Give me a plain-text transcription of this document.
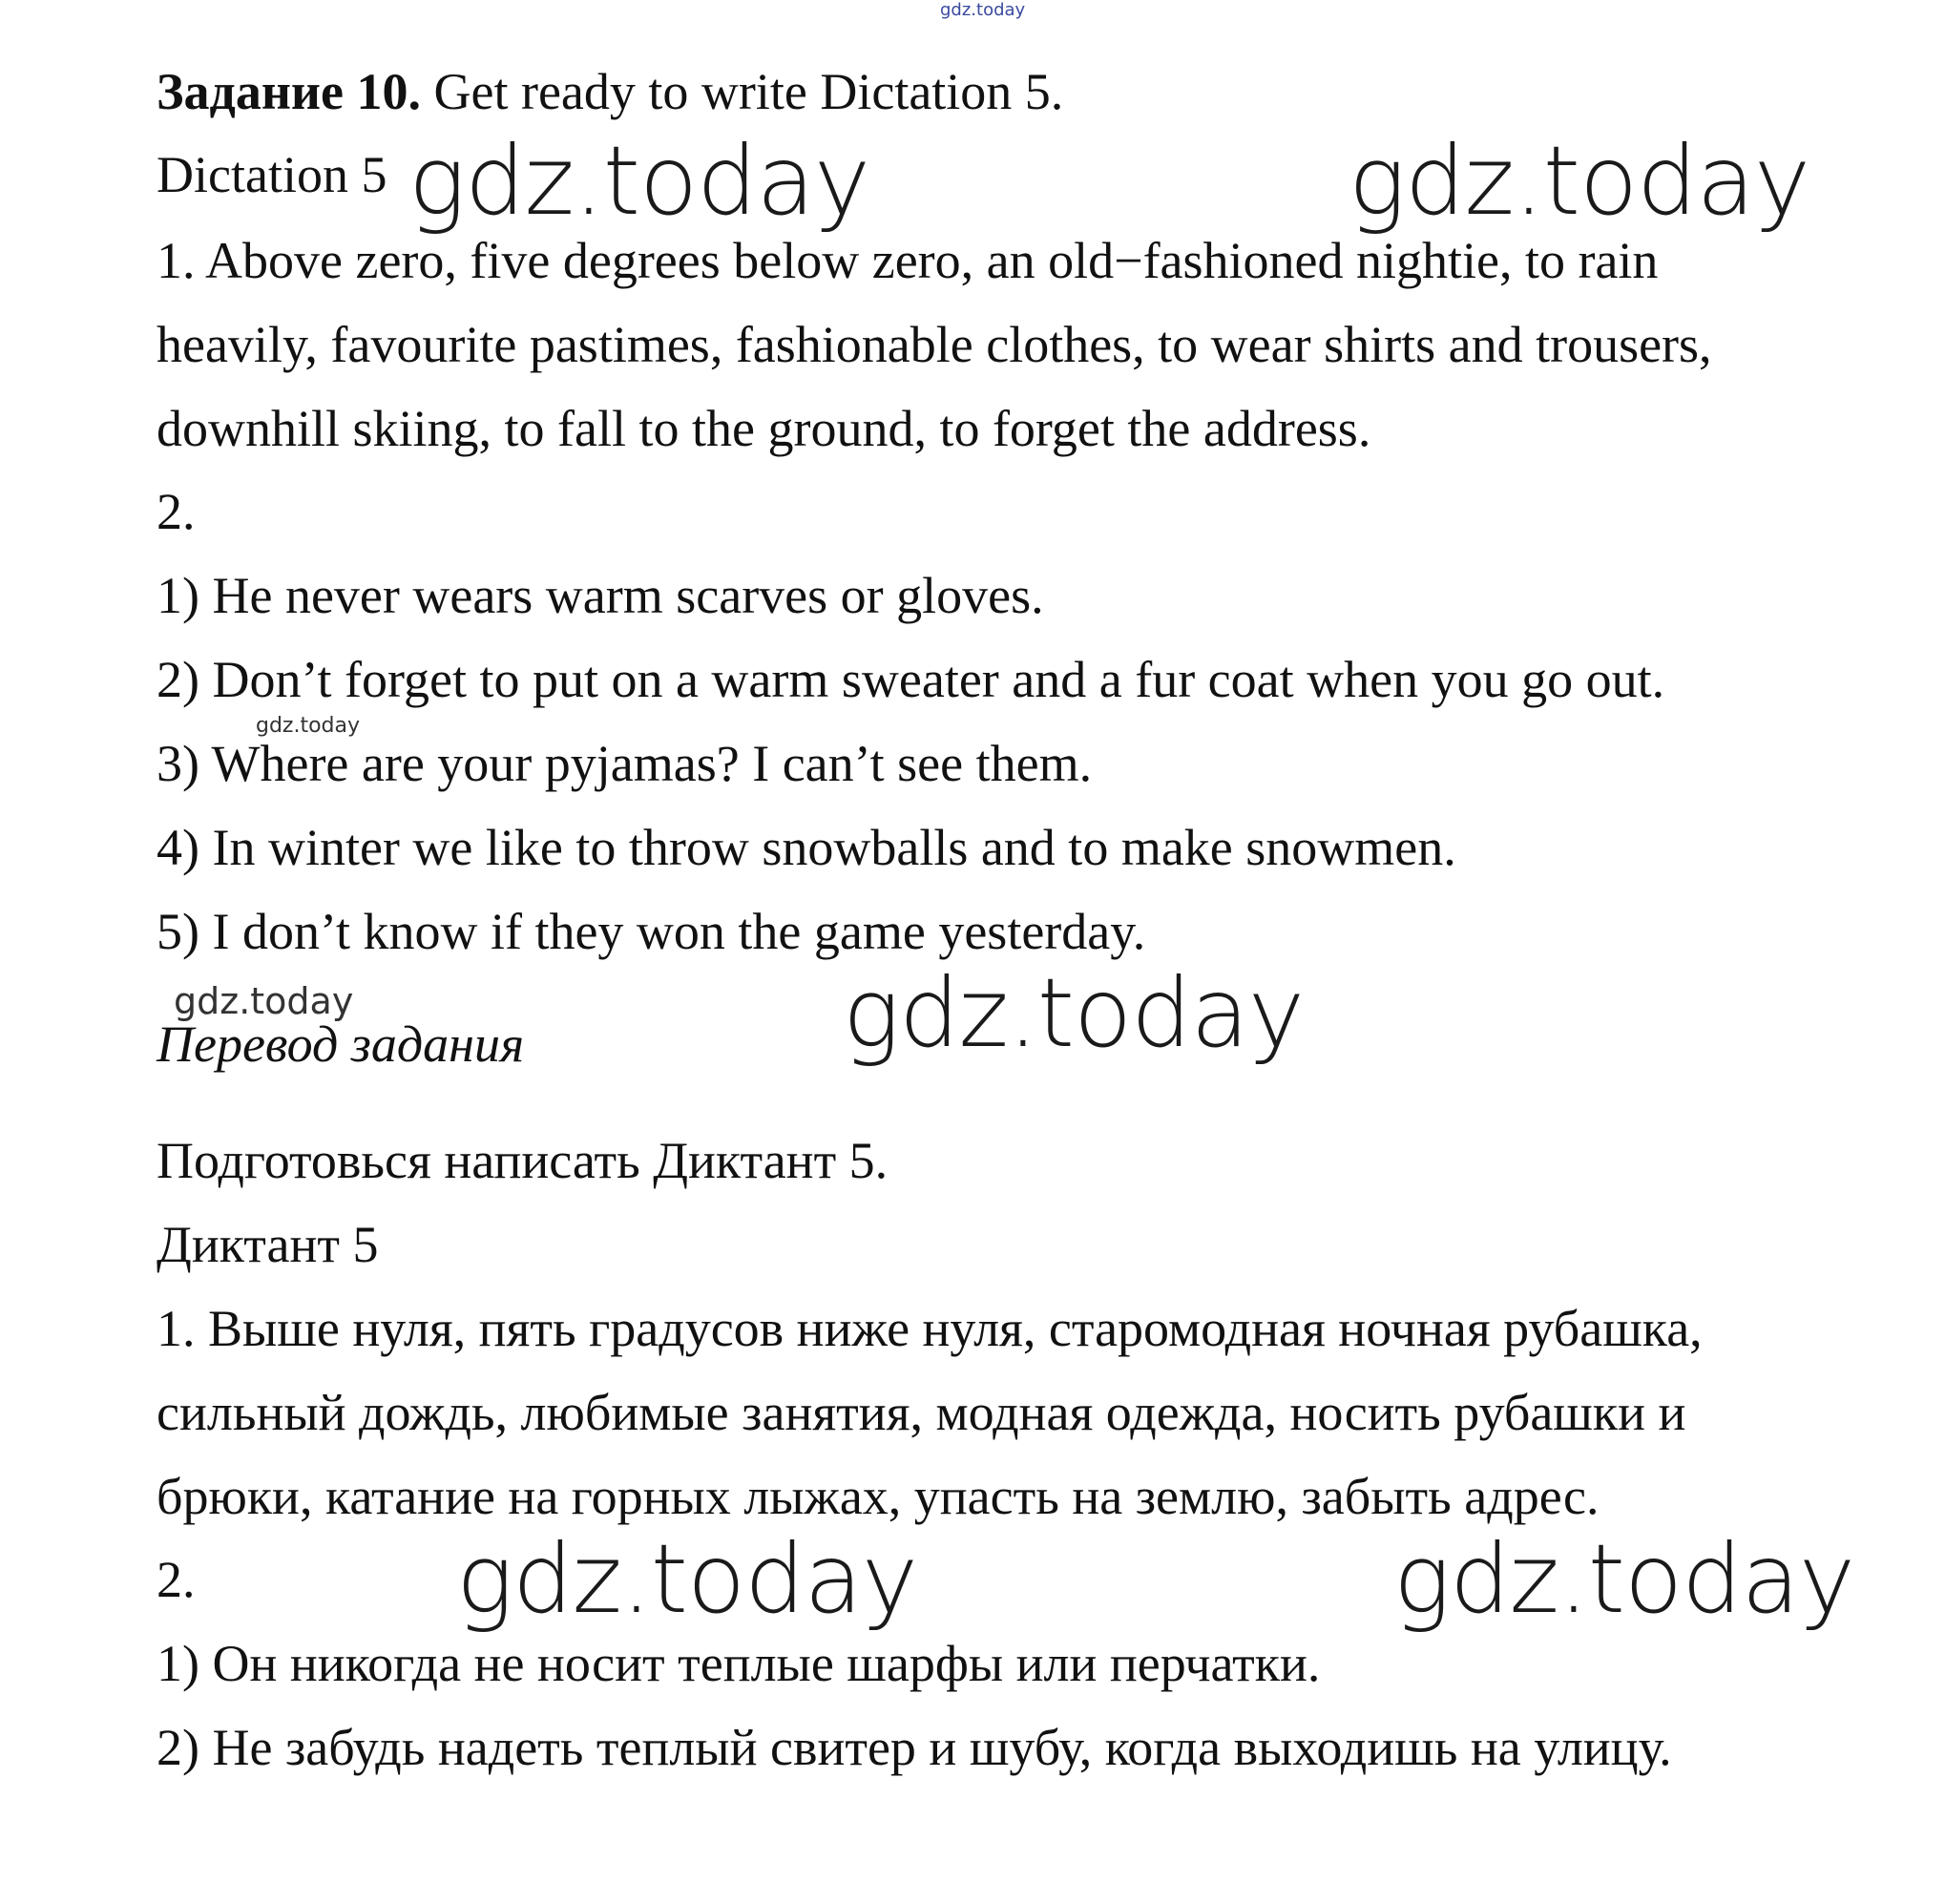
gdz.today
gdz.today	gdz.today
gdz.today
gdz.today	gdz.today
gdz.today	gdz.today
Задание 10. Get ready to write Dictation 5.
Dictation 5
1. Above zero, five degrees below zero, an old−fashioned nightie, to rain
heavily, favourite pastimes, fashionable clothes, to wear shirts and trousers,
downhill skiing, to fall to the ground, to forget the address.
2.
1) He never wears warm scarves or gloves.
2) Don’t forget to put on a warm sweater and a fur coat when you go out.
3) Where are your pyjamas? I can’t see them.
4) In winter we like to throw snowballs and to make snowmen.
5) I don’t know if they won the game yesterday.
Перевод задания
Подготовься написать Диктант 5.
Диктант 5
1. Выше нуля, пять градусов ниже нуля, старомодная ночная рубашка,
сильный дождь, любимые занятия, модная одежда, носить рубашки и
брюки, катание на горных лыжах, упасть на землю, забыть адрес.
2.
1) Он никогда не носит теплые шарфы или перчатки.
2) Не забудь надеть теплый свитер и шубу, когда выходишь на улицу.
